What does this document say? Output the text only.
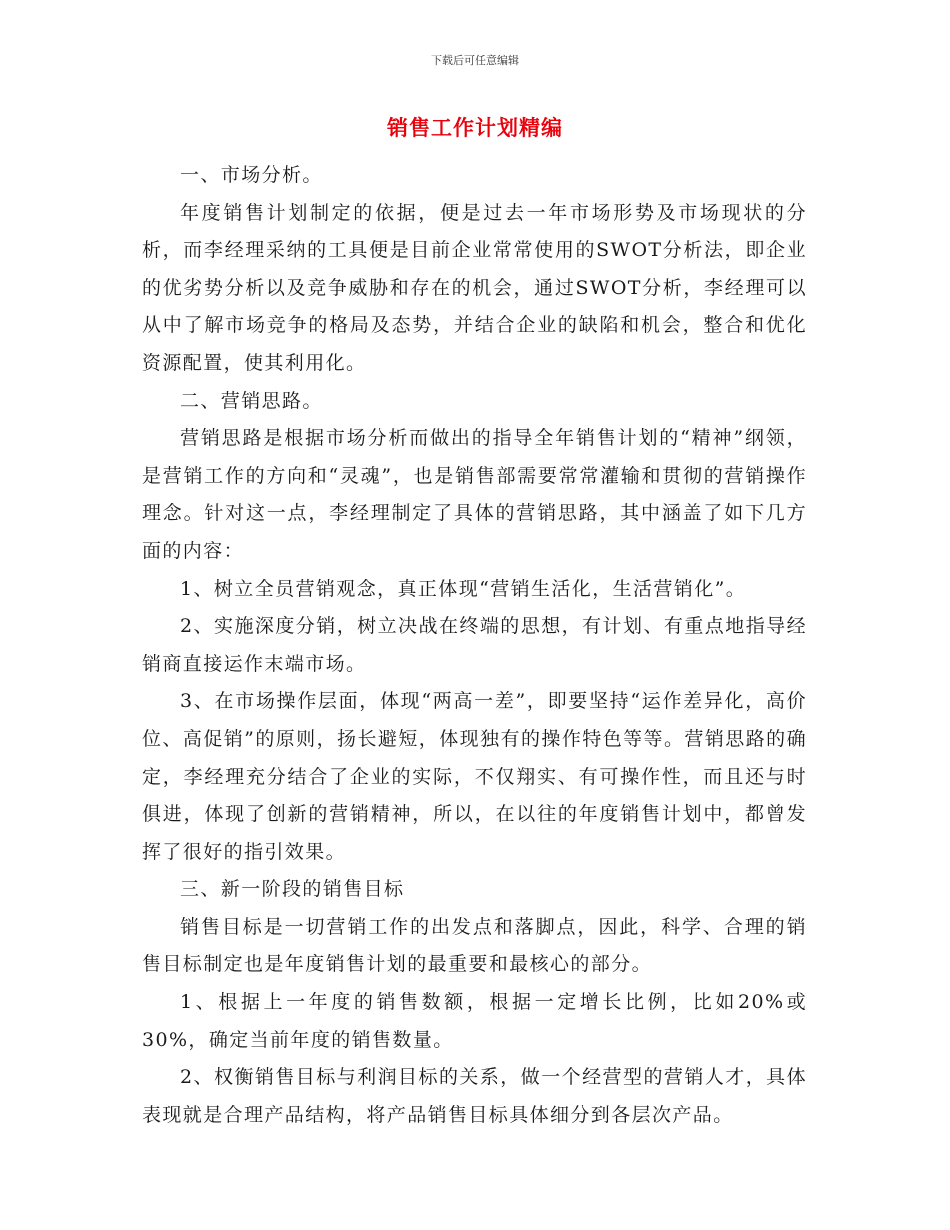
下载后可任意编辑
销售工作计划精编

一、市场分析。

年度销售计划制定的依据，便是过去一年市场形势及市场现状的分析，而李经理采纳的工具便是目前企业常常使用的SWOT分析法，即企业的优劣势分析以及竞争威胁和存在的机会，通过SWOT分析，李经理可以从中了解市场竞争的格局及态势，并结合企业的缺陷和机会，整合和优化资源配置，使其利用化。

二、营销思路。

营销思路是根据市场分析而做出的指导全年销售计划的“精神”纲领，是营销工作的方向和“灵魂”，也是销售部需要常常灌输和贯彻的营销操作理念。针对这一点，李经理制定了具体的营销思路，其中涵盖了如下几方面的内容：

1、树立全员营销观念，真正体现“营销生活化，生活营销化”。

2、实施深度分销，树立决战在终端的思想，有计划、有重点地指导经销商直接运作末端市场。

3、在市场操作层面，体现“两高一差”，即要坚持“运作差异化，高价位、高促销”的原则，扬长避短，体现独有的操作特色等等。营销思路的确定，李经理充分结合了企业的实际，不仅翔实、有可操作性，而且还与时俱进，体现了创新的营销精神，所以，在以往的年度销售计划中，都曾发挥了很好的指引效果。

三、新一阶段的销售目标

销售目标是一切营销工作的出发点和落脚点，因此，科学、合理的销售目标制定也是年度销售计划的最重要和最核心的部分。

1、根据上一年度的销售数额，根据一定增长比例，比如20%或30%，确定当前年度的销售数量。

2、权衡销售目标与利润目标的关系，做一个经营型的营销人才，具体表现就是合理产品结构，将产品销售目标具体细分到各层次产品。
